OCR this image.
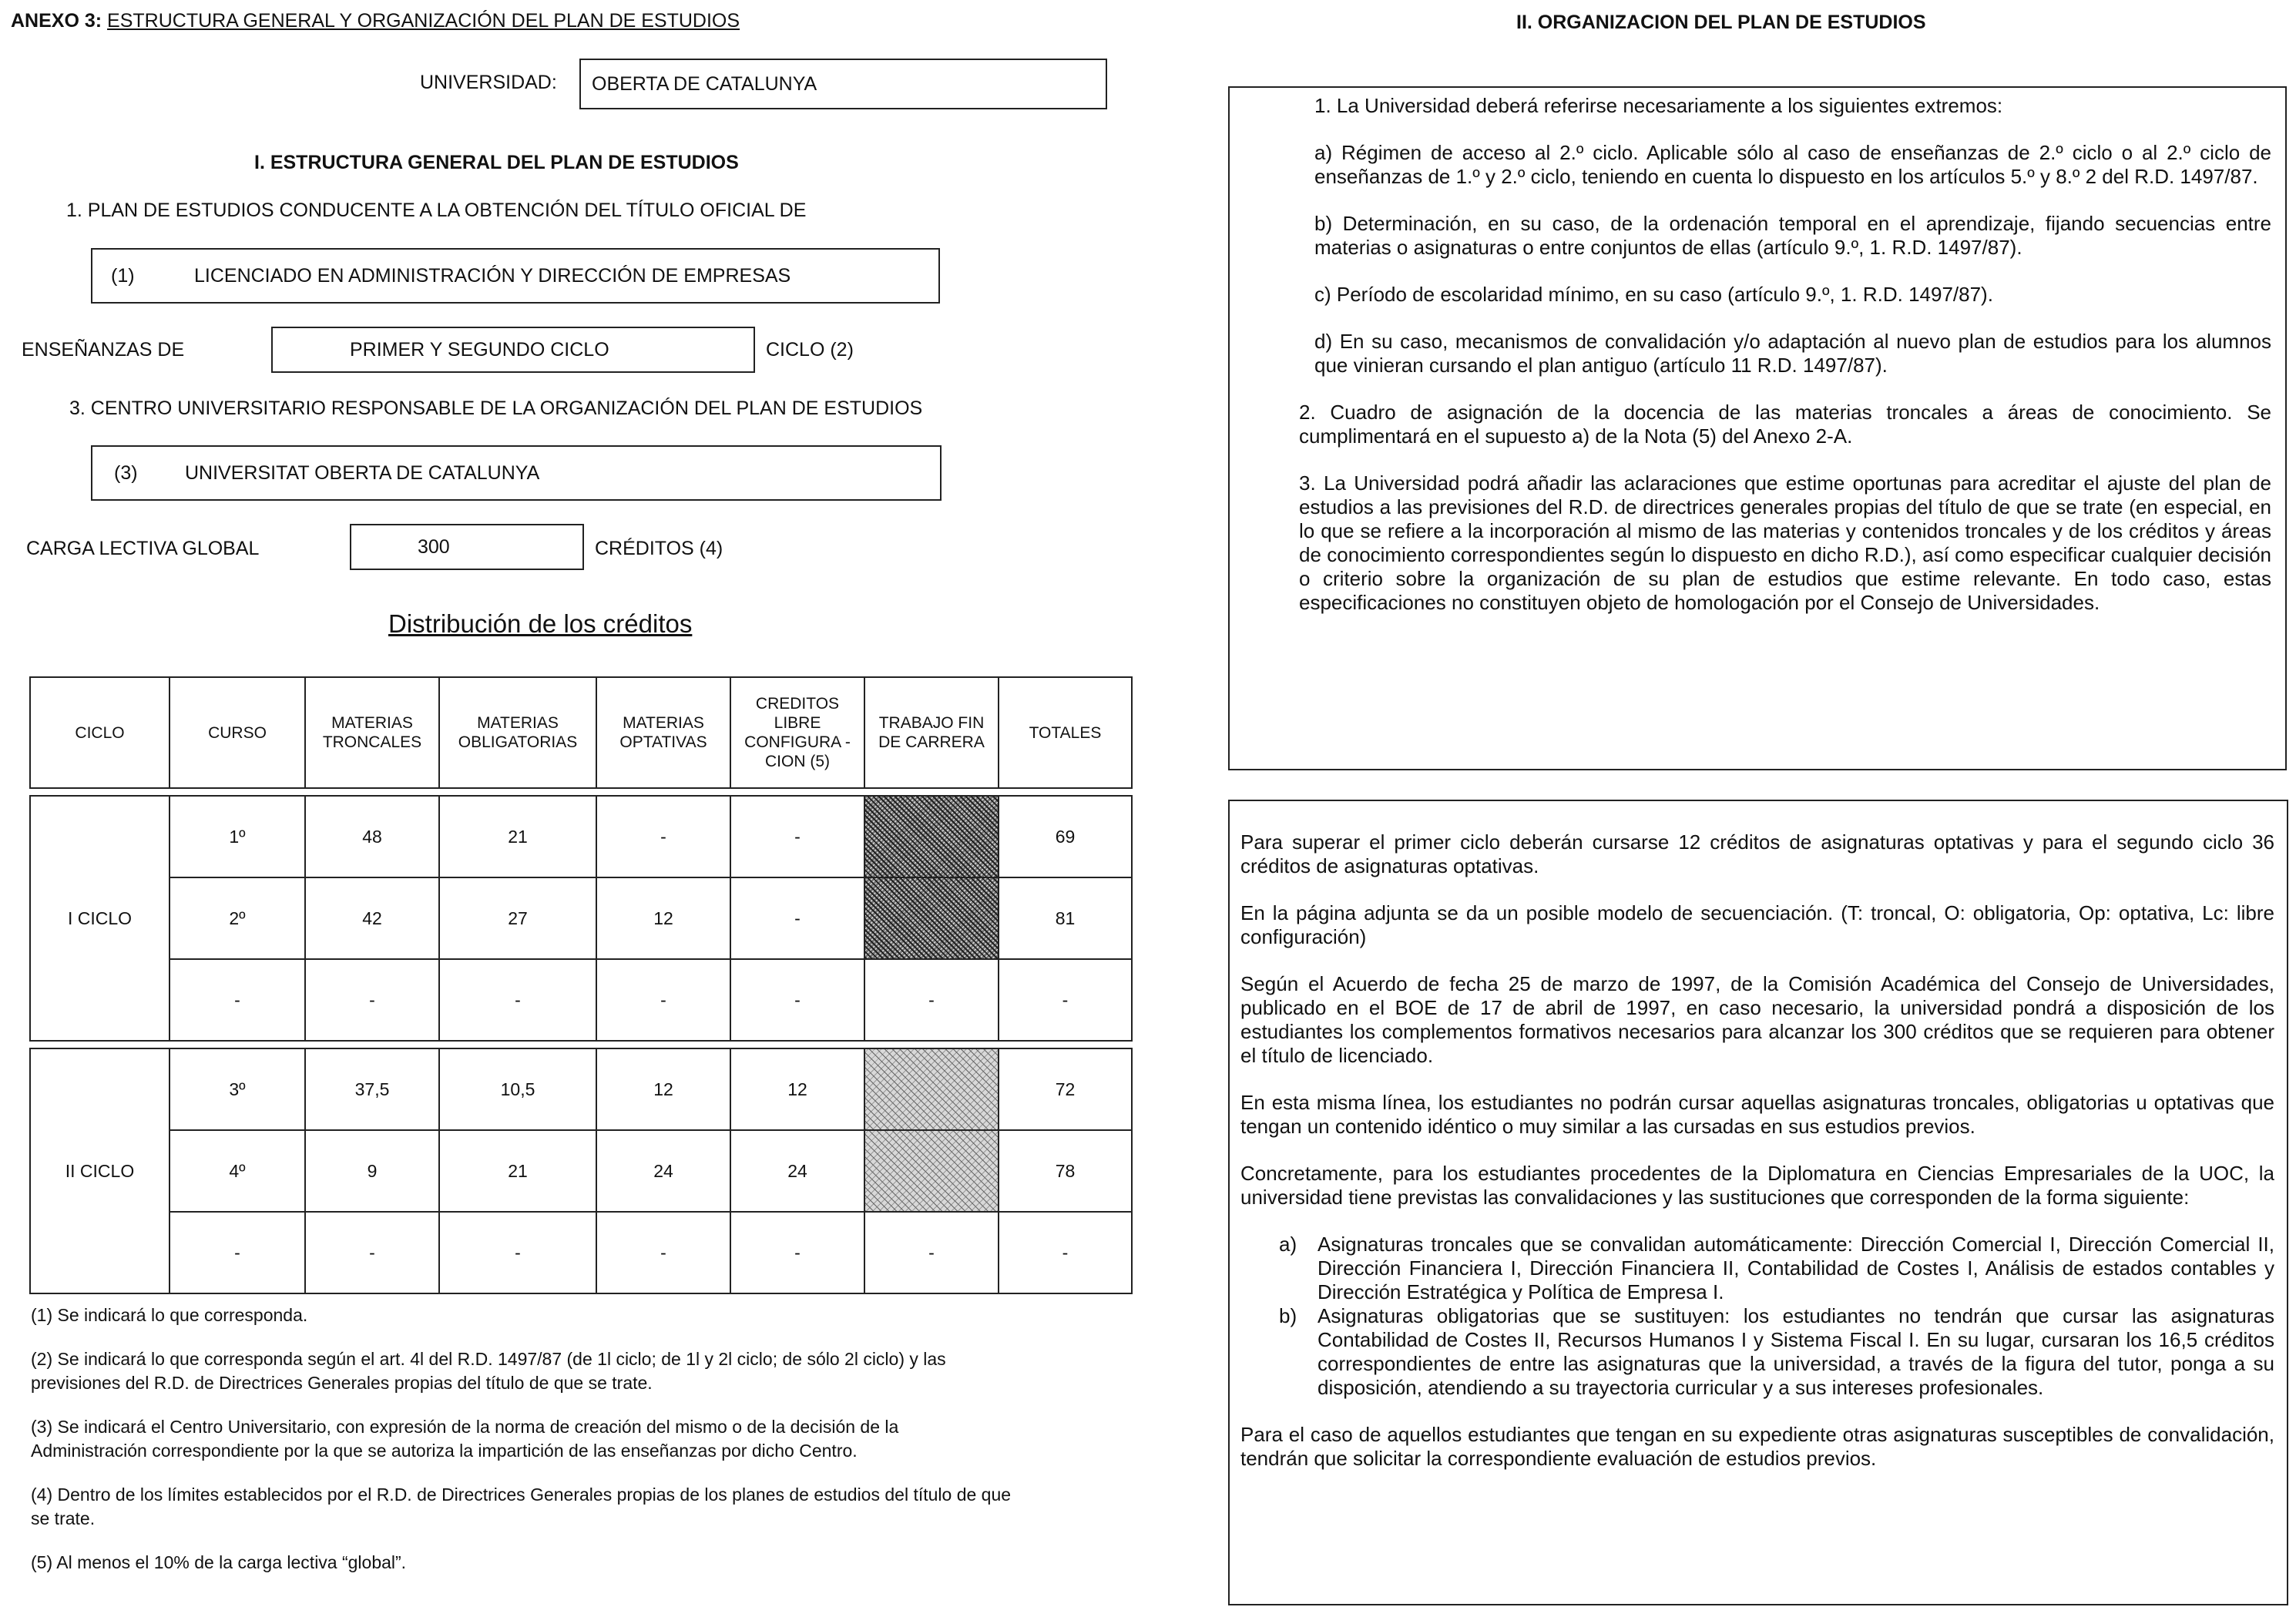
ANEXO 3: ESTRUCTURA GENERAL Y ORGANIZACIÓN DEL PLAN DE ESTUDIOS
UNIVERSIDAD: OBERTA DE CATALUNYA
I. ESTRUCTURA GENERAL DEL PLAN DE ESTUDIOS
1. PLAN DE ESTUDIOS CONDUCENTE A LA OBTENCIÓN DEL TÍTULO OFICIAL DE
(1)	LICENCIADO EN ADMINISTRACIÓN Y DIRECCIÓN DE EMPRESAS
ENSEÑANZAS DE	PRIMER Y SEGUNDO CICLO	CICLO (2)
3. CENTRO UNIVERSITARIO RESPONSABLE DE LA ORGANIZACIÓN DEL PLAN DE ESTUDIOS
(3) UNIVERSITAT OBERTA DE CATALUNYA
CARGA LECTIVA GLOBAL	300	CRÉDITOS (4)
Distribución de los créditos
CICLO	CURSO	MATERIAS TRONCALES	MATERIAS OBLIGATORIAS	MATERIAS OPTATIVAS	CREDITOS LIBRE CONFIGURA -CION (5)	TRABAJO FIN DE CARRERA	TOTALES

I CICLO	1º	48	21	-	-		69
	2º	42	27	12	-		81
	-	-	-	-	-	-	-

II CICLO	3º	37,5	10,5	12	12		72
	4º	9	21	24	24		78
	-	-	-	-	-	-	-

(1) Se indicará lo que corresponda.

(2) Se indicará lo que corresponda según el art. 4l del R.D. 1497/87 (de 1l ciclo; de 1l y 2l ciclo; de sólo 2l ciclo) y las previsiones del R.D. de Directrices Generales propias del título de que se trate.

(3) Se indicará el Centro Universitario, con expresión de la norma de creación del mismo o de la decisión de la Administración correspondiente por la que se autoriza la impartición de las enseñanzas por dicho Centro.

(4) Dentro de los límites establecidos por el R.D. de Directrices Generales propias de los planes de estudios del título de que se trate.

(5) Al menos el 10% de la carga lectiva “global”.

II. ORGANIZACION DEL PLAN DE ESTUDIOS

1. La Universidad deberá referirse necesariamente a los siguientes extremos:

a) Régimen de acceso al 2.º ciclo. Aplicable sólo al caso de enseñanzas de 2.º ciclo o al 2.º ciclo de enseñanzas de 1.º y 2.º ciclo, teniendo en cuenta lo dispuesto en los artículos 5.º y 8.º 2 del R.D. 1497/87.

b) Determinación, en su caso, de la ordenación temporal en el aprendizaje, fijando secuencias entre materias o asignaturas o entre conjuntos de ellas (artículo 9.º, 1. R.D. 1497/87).

c) Período de escolaridad mínimo, en su caso (artículo 9.º, 1. R.D. 1497/87).

d) En su caso, mecanismos de convalidación y/o adaptación al nuevo plan de estudios para los alumnos que vinieran cursando el plan antiguo (artículo 11 R.D. 1497/87).

2. Cuadro de asignación de la docencia de las materias troncales a áreas de conocimiento. Se cumplimentará en el supuesto a) de la Nota (5) del Anexo 2-A.

3. La Universidad podrá añadir las aclaraciones que estime oportunas para acreditar el ajuste del plan de estudios a las previsiones del R.D. de directrices generales propias del título de que se trate (en especial, en lo que se refiere a la incorporación al mismo de las materias y contenidos troncales y de los créditos y áreas de conocimiento correspondientes según lo dispuesto en dicho R.D.), así como especificar cualquier decisión o criterio sobre la organización de su plan de estudios que estime relevante. En todo caso, estas especificaciones no constituyen objeto de homologación por el Consejo de Universidades.

Para superar el primer ciclo deberán cursarse 12 créditos de asignaturas optativas y para el segundo ciclo 36 créditos de asignaturas optativas.

En la página adjunta se da un posible modelo de secuenciación. (T: troncal, O: obligatoria, Op: optativa, Lc: libre configuración)

Según el Acuerdo de fecha 25 de marzo de 1997, de la Comisión Académica del Consejo de Universidades, publicado en el BOE de 17 de abril de 1997, en caso necesario, la universidad pondrá a disposición de los estudiantes los complementos formativos necesarios para alcanzar los 300 créditos que se requieren para obtener el título de licenciado.

En esta misma línea, los estudiantes no podrán cursar aquellas asignaturas troncales, obligatorias u optativas que tengan un contenido idéntico o muy similar a las cursadas en sus estudios previos.

Concretamente, para los estudiantes procedentes de la Diplomatura en Ciencias Empresariales de la UOC, la universidad tiene previstas las convalidaciones y las sustituciones que corresponden de la forma siguiente:

a)	Asignaturas troncales que se convalidan automáticamente: Dirección Comercial I, Dirección Comercial II, Dirección Financiera I, Dirección Financiera II, Contabilidad de Costes I, Análisis de estados contables y Dirección Estratégica y Política de Empresa I.

b)	Asignaturas obligatorias que se sustituyen: los estudiantes no tendrán que cursar las asignaturas Contabilidad de Costes II, Recursos Humanos I y Sistema Fiscal I. En su lugar, cursaran los 16,5 créditos correspondientes de entre las asignaturas que la universidad, a través de la figura del tutor, ponga a su disposición, atendiendo a su trayectoria curricular y a sus intereses profesionales.

Para el caso de aquellos estudiantes que tengan en su expediente otras asignaturas susceptibles de convalidación, tendrán que solicitar la correspondiente evaluación de estudios previos.
